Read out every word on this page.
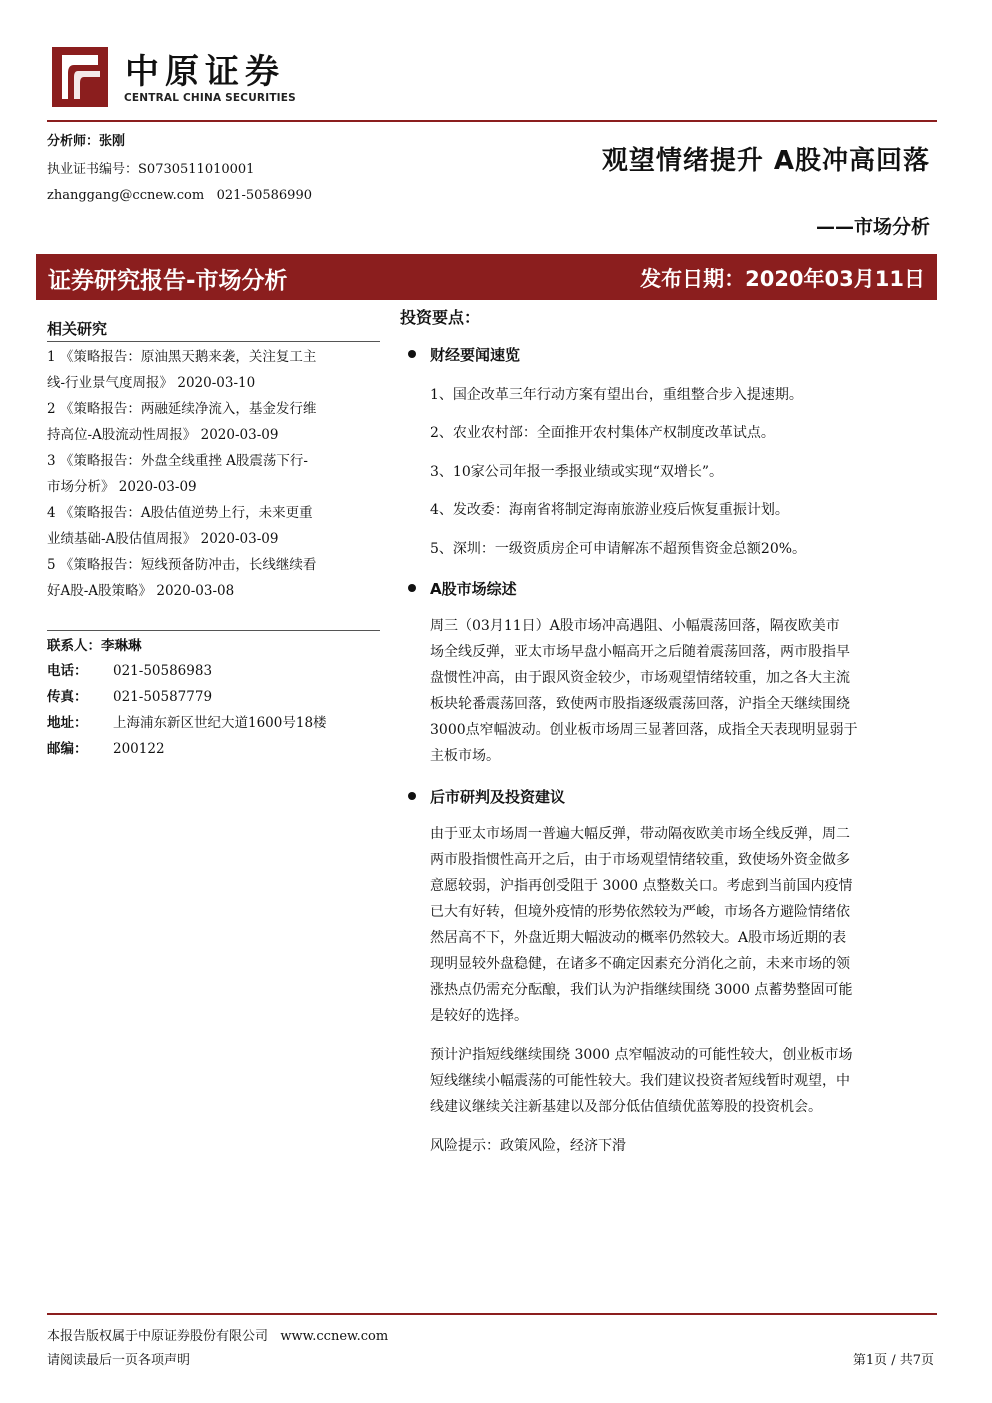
中原证券
CENTRAL CHINA SECURITIES
分析师：张刚
执业证书编号：S0730511010001
zhanggang@ccnew.com 021-50586990
观望情绪提升 A股冲高回落
——市场分析
证券研究报告-市场分析	发布日期：2020年03月11日
相关研究
1 《策略报告：原油黑天鹅来袭，关注复工主
线-行业景气度周报》 2020-03-10
2 《策略报告：两融延续净流入，基金发行维
持高位-A股流动性周报》 2020-03-09
3 《策略报告：外盘全线重挫 A股震荡下行-
市场分析》 2020-03-09
4 《策略报告：A股估值逆势上行，未来更重
业绩基础-A股估值周报》 2020-03-09
5 《策略报告：短线预备防冲击，长线继续看
好A股-A股策略》 2020-03-08
联系人：李琳琳
电话： 021-50586983
传真： 021-50587779
地址： 上海浦东新区世纪大道1600号18楼
邮编： 200122
投资要点：
财经要闻速览
1、国企改革三年行动方案有望出台，重组整合步入提速期。
2、农业农村部：全面推开农村集体产权制度改革试点。
3、10家公司年报一季报业绩或实现“双增长”。
4、发改委：海南省将制定海南旅游业疫后恢复重振计划。
5、深圳：一级资质房企可申请解冻不超预售资金总额20%。
A股市场综述
周三（03月11日）A股市场冲高遇阻、小幅震荡回落，隔夜欧美市
场全线反弹，亚太市场早盘小幅高开之后随着震荡回落，两市股指早
盘惯性冲高，由于跟风资金较少，市场观望情绪较重，加之各大主流
板块轮番震荡回落，致使两市股指逐级震荡回落，沪指全天继续围绕
3000点窄幅波动。创业板市场周三显著回落，成指全天表现明显弱于
主板市场。
后市研判及投资建议
由于亚太市场周一普遍大幅反弹，带动隔夜欧美市场全线反弹，周二
两市股指惯性高开之后，由于市场观望情绪较重，致使场外资金做多
意愿较弱，沪指再创受阻于 3000 点整数关口。考虑到当前国内疫情
已大有好转，但境外疫情的形势依然较为严峻，市场各方避险情绪依
然居高不下，外盘近期大幅波动的概率仍然较大。A股市场近期的表
现明显较外盘稳健，在诸多不确定因素充分消化之前，未来市场的领
涨热点仍需充分酝酿，我们认为沪指继续围绕 3000 点蓄势整固可能
是较好的选择。
预计沪指短线继续围绕 3000 点窄幅波动的可能性较大，创业板市场
短线继续小幅震荡的可能性较大。我们建议投资者短线暂时观望，中
线建议继续关注新基建以及部分低估值绩优蓝筹股的投资机会。
风险提示：政策风险，经济下滑
本报告版权属于中原证券股份有限公司 www.ccnew.com
请阅读最后一页各项声明	第1页 / 共7页
